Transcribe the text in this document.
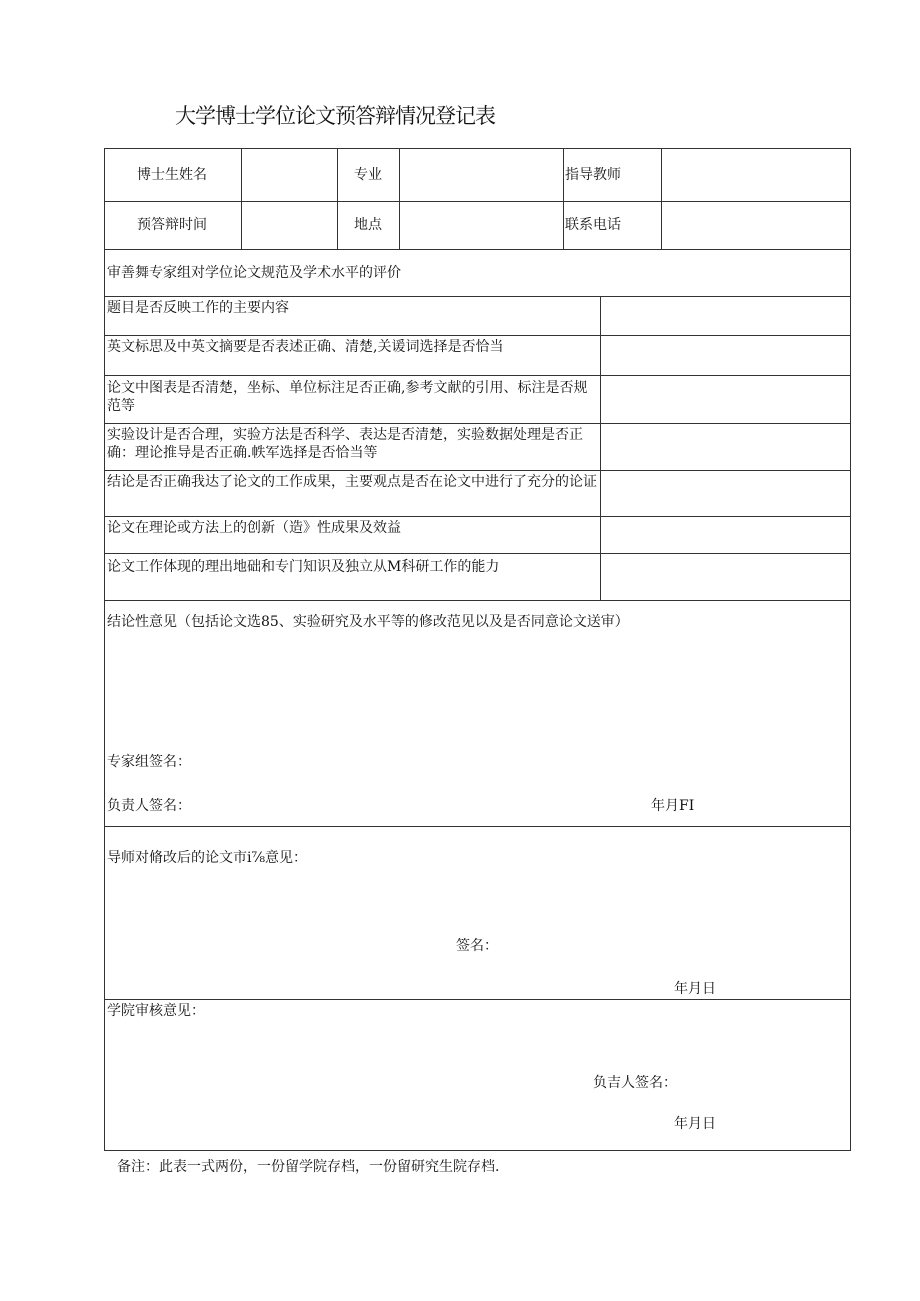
大学博士学位论文预答辩情况登记表
博士生姓名	专业	指导教师
预答辩时间	地点	联系电话
审善舞专家组对学位论文规范及学术水平的评价
题目是否反映工作的主要内容
英文标思及中英文摘要是否表述正确、清楚,关谖词选择是否恰当
论文中图表是否清楚，坐标、单位标注足否正确,参考文献的引用、标注是否规范等
实验设计是否合理，实验方法是否科学、表达是否清楚，实验数据处理是否正确：理论推导是否正确.帙军选择是否恰当等
结论是否正确我达了论文的工作成果，主要观点是否在论文中进行了充分的论证
论文在理论或方法上的创新（造》性成果及效益
论文工作体现的理出地础和专门知识及独立从M科研工作的能力
结论性意见（包括论文选85、实验研究及水平等的修改范见以及是否同意论文送审）
专家组签名：
负责人签名：	年月FI
导师对脩改后的论文市i⅞意见：
签名：
年月日
学院审核意见：
负吉人签名：
年月日
备注：此表一式两份，一份留学院存档，一份留研究生院存档.
